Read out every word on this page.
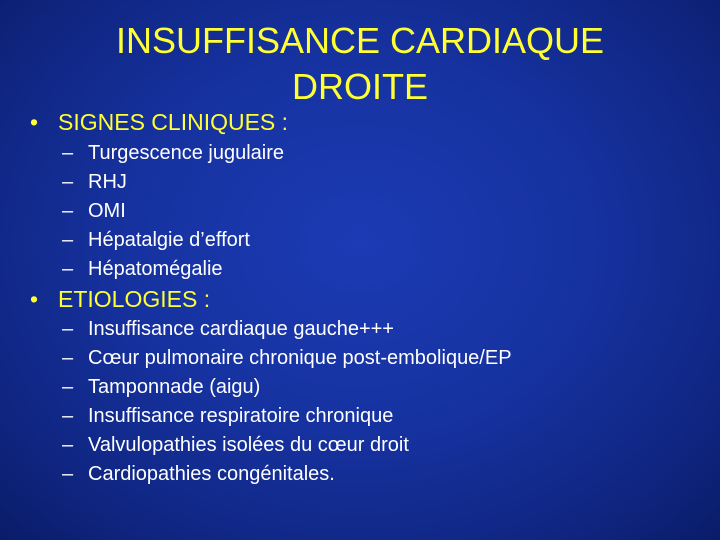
INSUFFISANCE CARDIAQUE
DROITE
• SIGNES CLINIQUES :
– Turgescence jugulaire
– RHJ
– OMI
– Hépatalgie d’effort
– Hépatomégalie
• ETIOLOGIES :
– Insuffisance cardiaque gauche+++
– Cœur pulmonaire chronique post-embolique/EP
– Tamponnade (aigu)
– Insuffisance respiratoire chronique
– Valvulopathies isolées du cœur droit
– Cardiopathies congénitales.
